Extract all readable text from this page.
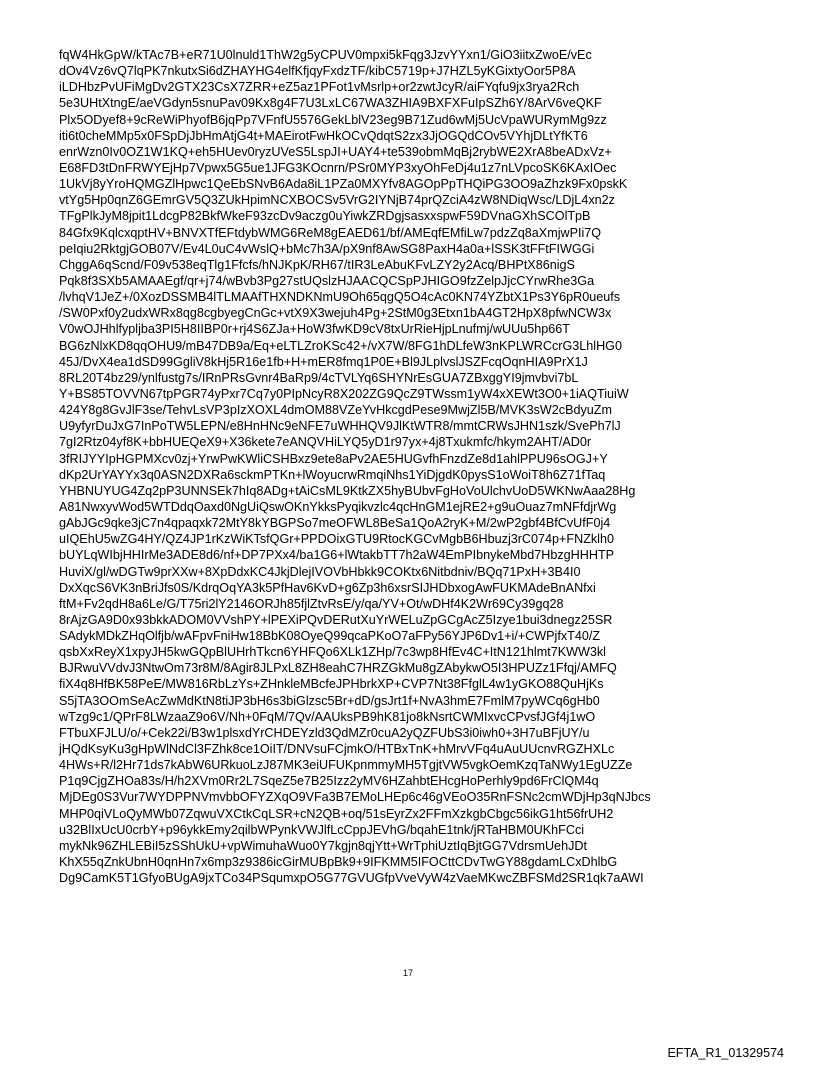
fqW4HkGpW/kTAc7B+eR71U0lnuld1ThW2g5yCPUV0mpxi5kFqg3JzvYYxn1/GiO3iitxZwoE/vEc
dOv4Vz6vQ7lqPK7nkutxSi6dZHAYHG4elfKfjqyFxdzTF/kibC5719p+J7HZL5yKGixtyOor5P8A
iLDHbzPvUFiMgDv2GTX23CsX7ZRR+eZ5az1PFot1vMsrlp+or2zwtJcyR/aiFYqfu9jx3rya2Rch
5e3UHtXtngE/aeVGdyn5snuPav09Kx8g4F7U3LxLC67WA3ZHIA9BXFXFuIpSZh6Y/8ArV6veQKF
Plx5ODyef8+9cReWiPhyofB6jqPp7VFnfU5576GekLblV23eg9B71Zud6wMj5UcVpaWURymMg9zz
iti6t0cheMMp5x0FSpDjJbHmAtjG4t+MAEirotFwHkOCvQdqtS2zx3JjOGQdCOv5VYhjDLtYfKT6
enrWzn0Iv0OZ1W1KQ+eh5HUev0ryzUVeS5LspJI+UAY4+te539obmMqBj2rybWE2XrA8beADxVz+
E68FD3tDnFRWYEjHp7Vpwx5G5ue1JFG3KOcnrn/PSr0MYP3xyOhFeDj4u1z7nLVpcoSK6KAxIOec
1UkVj8yYroHQMGZlHpwc1QeEbSNvB6Ada8iL1PZa0MXYfv8AGOpPpTHQiPG3OO9aZhzk9Fx0pskK
vtYg5Hp0qnZ6GEmrGV5Q3ZUkHpimNCXBOCSv5VrG2IYNjB74prQZciA4zW8NDiqWsc/LDjL4xn2z
TFgPlkJyM8jpit1LdcgP82BkfWkeF93zcDv9aczg0uYiwkZRDgjsasxxspwF59DVnaGXhSCOlTpB
84Gfx9KqlcxqptHV+BNVXTfEFtdybWMG6ReM8gEAED61/bf/AMEqfEMfiLw7pdzZq8aXmjwPIi7Q
peIqiu2RktgjGOB07V/Ev4L0uC4vWslQ+bMc7h3A/pX9nf8AwSG8PaxH4a0a+lSSK3tFFtFIWGGi
ChggA6qScnd/F09v538eqTlg1Ffcfs/hNJKpK/RH67/tIR3LeAbuKFvLZY2y2Acq/BHPtX86nigS
Pqk8f3SXb5AMAAEgf/qr+j74/wBvb3Pg27stUQslzHJAACQCSpPJHIGO9fzZelpJjcCYrwRhe3Ga
/lvhqV1JeZ+/0XozDSSMB4lTLMAAfTHXNDKNmU9Oh65qgQ5O4cAc0KN74YZbtX1Ps3Y6pR0ueufs
/SW0Pxf0y2udxWRx8qg8cgbyegCnGc+vtX9X3wejuh4Pg+2StM0g3Etxn1bA4GT2HpX8pfwNCW3x
V0wOJHhlfypljba3PI5H8IIBP0r+rj4S6ZJa+HoW3fwKD9cV8txUrRieHjpLnufmj/wUUu5hp66T
BG6zNlxKD8qqOHU9/mB47DB9a/Eq+eLTLZroKSc42+/vX7W/8FG1hDLfeW3nKPLWRCcrG3LhlHG0
45J/DvX4ea1dSD99GgliV8kHj5R16e1fb+H+mER8fmq1P0E+Bl9JLplvslJSZFcqOqnHIA9PrX1J
8RL20T4bz29/ynlfustg7s/IRnPRsGvnr4BaRp9/4cTVLYq6SHYNrEsGUA7ZBxggYI9jmvbvi7bL
Y+BS85TOVVN67tpPGR74yPxr7Cq7y0PIpNcyR8X202ZG9QcZ9TWssm1yW4xXEWt3O0+1iAQTiuiW
424Y8g8GvJlF3se/TehvLsVP3pIzXOXL4dmOM88VZeYvHkcgdPese9MwjZl5B/MVK3sW2cBdyuZm
U9yfyrDuJxG7InPoTW5LEPN/e8HnHNc9eNFE7uWHHQV9JlKtWTR8/mmtCRWsJHN1szk/SvePh7lJ
7gI2Rtz04yf8K+bbHUEQeX9+X36kete7eANQVHiLYQ5yD1r97yx+4j8Txukmfc/hkym2AHT/AD0r
3fRIJYYIpHGPMXcv0zj+YrwPwKWliCSHBxz9ete8aPv2AE5HUGvfhFnzdZe8d1ahlPPU96sOGJ+Y
dKp2UrYAYYx3q0ASN2DXRa6sckmPTKn+lWoyucrwRmqiNhs1YiDjgdK0pysS1oWoiT8h6Z71fTaq
YHBNUYUG4Zq2pP3UNNSEk7hIq8ADg+tAiCsML9KtkZX5hyBUbvFgHoVoUlchvUoD5WKNwAaa28Hg
A81NwxyvWod5WTDdqOaxd0NgUiQswOKnYkksPyqikvzlc4qcHnGM1ejRE2+g9uOuaz7mNFfdjrWg
gAbJGc9qke3jC7n4qpaqxk72MtY8kYBGPSo7meOFWL8BeSa1QoA2ryK+M/2wP2gbf4BfCvUfF0j4
uIQEhU5wZG4HY/QZ4JP1rKzWiKTsfQGr+PPDOixGTU9RtocKGCvMgbB6Hbuzj3rC074p+FNZklh0
bUYLqWIbjHHIrMe3ADE8d6/nf+DP7PXx4/ba1G6+lWtakbTT7h2aW4EmPIbnykeMbd7HbzgHHHTP
HuviX/gl/wDGTw9prXXw+8XpDdxKC4JkjDlejIVOVbHbkk9COKtx6Nitbdniv/BQq71PxH+3B4I0
DxXqcS6VK3nBriJfs0S/KdrqOqYA3k5PfHav6KvD+g6Zp3h6xsrSIJHDbxogAwFUKMAdeBnANfxi
ftM+Fv2qdH8a6Le/G/T75ri2lY2146ORJh85fjlZtvRsE/y/qa/YV+Ot/wDHf4K2Wr69Cy39gq28
8rAjzGA9D0x93bkkADOM0VVshPY+lPEXiPQvDERutXuYrWELuZpGCgAcZ5Izye1bui3dnegz25SR
SAdykMDkZHqOlfjb/wAFpvFniHw18BbK08OyeQ99qcaPKoO7aFPy56YJP6Dv1+i/+CWPjfxT40/Z
qsbXxReyX1xpyJH5kwGQpBlUHrhTkcn6YHFQo6XLk1ZHp/7c3wp8HfEv4C+ItN121hlmt7KWW3kl
BJRwuVVdvJ3NtwOm73r8M/8Agir8JLPxL8ZH8eahC7HRZGkMu8gZAbykwO5I3HPUZz1Ffqj/AMFQ
fiX4q8HfBK58PeE/MW816RbLzYs+ZHnkleMBcfeJPHbrkXP+CVP7Nt38FfglL4w1yGKO88QuHjKs
S5jTA3OOmSeAcZwMdKtN8tiJP3bH6s3biGlzsc5Br+dD/gsJrt1f+NvA3hmE7FmlM7pyWCq6gHb0
wTzg9c1/QPrF8LWzaaZ9o6V/Nh+0FqM/7Qv/AAUksPB9hK81jo8kNsrtCWMIxvcCPvsfJGf4j1wO
FTbuXFJLU/o/+Cek22i/B3w1plsxdYrCHDEYzld3QdMZr0cuA2yQZFUbS3i0iwh0+3H7uBFjUY/u
jHQdKsyKu3gHpWlNdCl3FZhk8ce1OiIT/DNVsuFCjmkO/HTBxTnK+hMrvVFq4uAuUUcnvRGZHXLc
4HWs+R/l2Hr71ds7kAbW6URkuoLzJ87MK3eiUFUKpnmmyMH5TgjtVW5vgkOemKzqTaNWy1EgUZZe
P1q9CjgZHOa83s/H/h2XVm0Rr2L7SqeZ5e7B25Izz2yMV6HZahbtEHcgHoPerhly9pd6FrClQM4q
MjDEg0S3Vur7WYDPPNVmvbbOFYZXqO9VFa3B7EMoLHEp6c46gVEoO35RnFSNc2cmWDjHp3qNJbcs
MHP0qiVLoQyMWb07ZqwuVXCtkCqLSR+cN2QB+oq/51sEyrZx2FFmXzkgbCbgc56ikG1ht56frUH2
u32BlIxUcU0crbY+p96ykkEmy2qilbWPynkVWJlfLcCppJEVhG/bqahE1tnk/jRTaHBM0UKhFCci
mykNk96ZHLEBiI5zSShUkU+vpWimuhaWuo0Y7kgjn8qjYtt+WrTphiUztIqBjtGG7VdrsmUehJDt
KhX55qZnkUbnH0qnHn7x6mp3z9386icGirMUBpBk9+9IFKMM5IFOCttCDvTwGY88gdamLCxDhlbG
Dg9CamK5T1GfyoBUgA9jxTCo34PSqumxpO5G77GVUGfpVveVyW4zVaeMKwcZBFSMd2SR1qk7aAWI
17
EFTA_R1_01329574
